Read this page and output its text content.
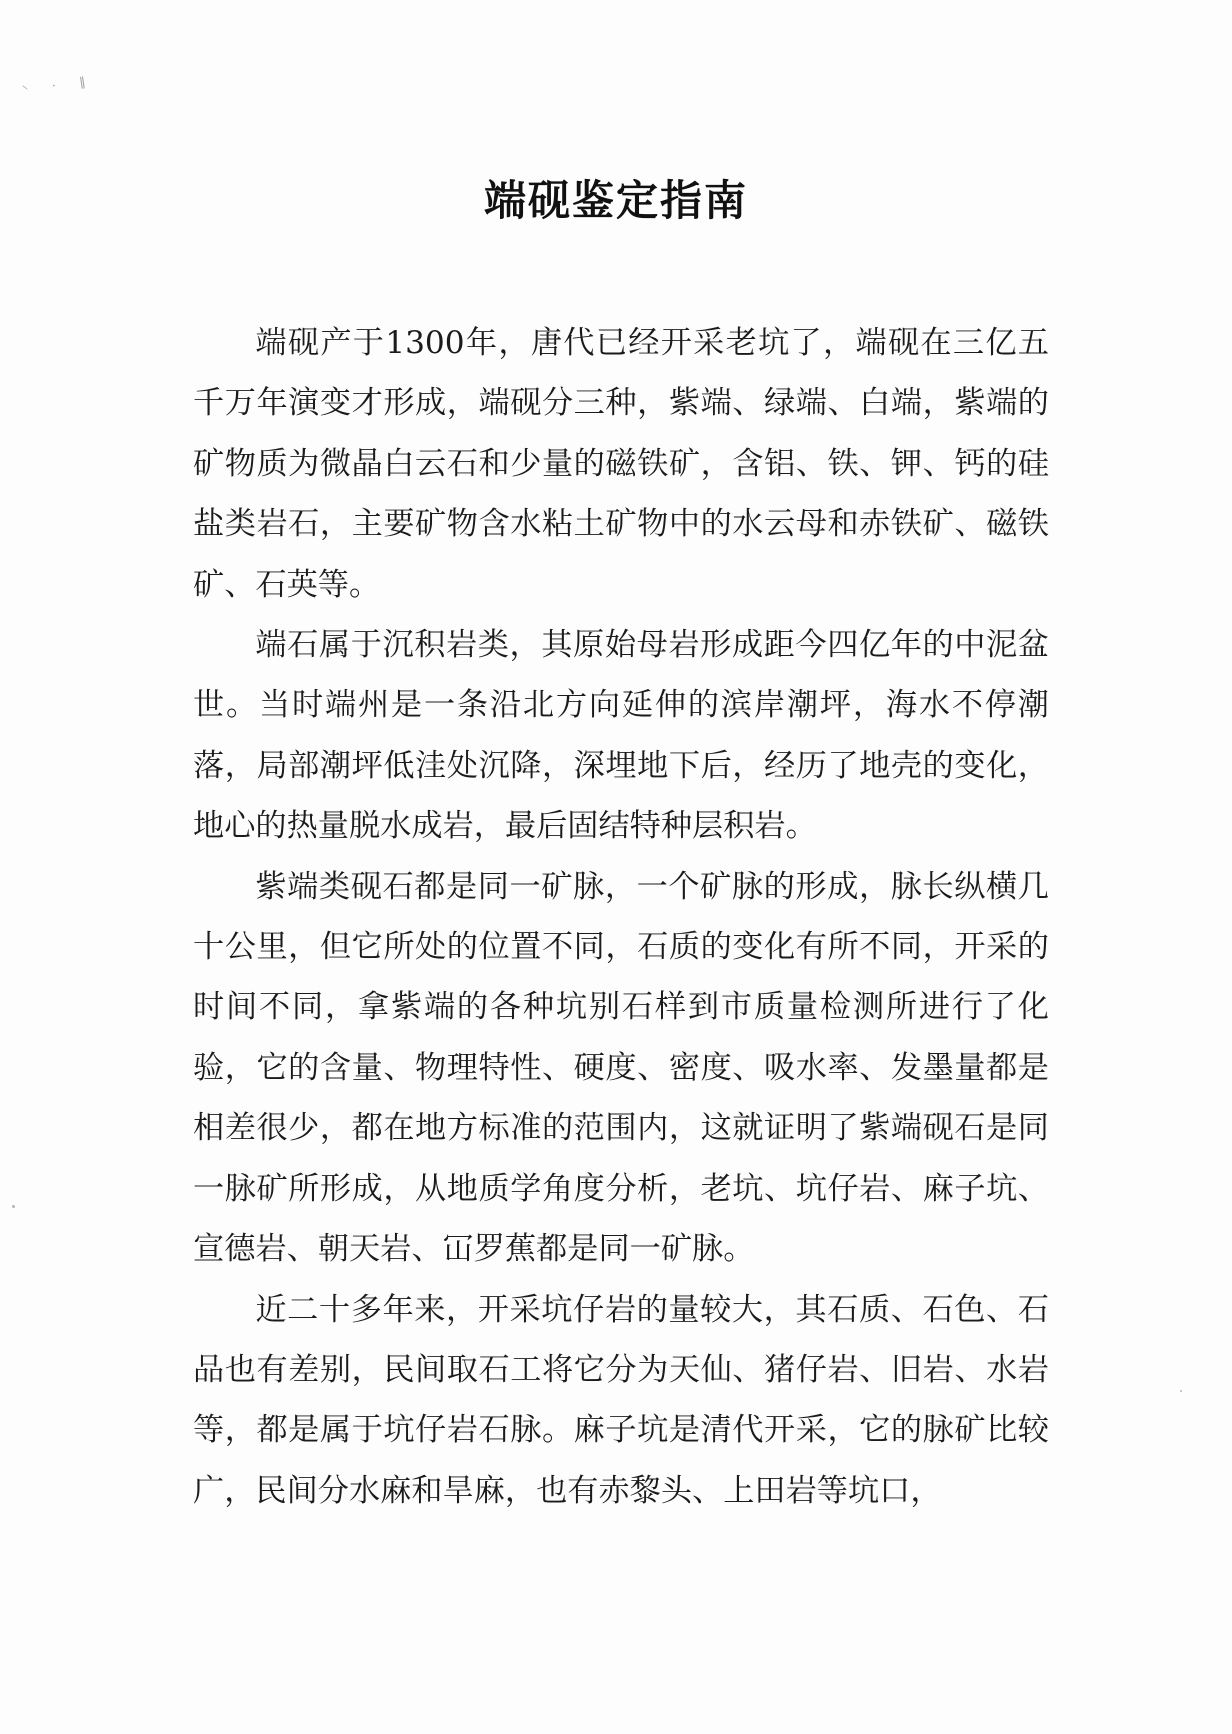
⸌ · ‖
端砚鉴定指南

端砚产于1300年，唐代已经开采老坑了，端砚在三亿五千万年演变才形成，端砚分三种，紫端、绿端、白端，紫端的矿物质为微晶白云石和少量的磁铁矿，含铝、铁、钾、钙的硅盐类岩石，主要矿物含水粘土矿物中的水云母和赤铁矿、磁铁矿、石英等。

端石属于沉积岩类，其原始母岩形成距今四亿年的中泥盆世。当时端州是一条沿北方向延伸的滨岸潮坪，海水不停潮落，局部潮坪低洼处沉降，深埋地下后，经历了地壳的变化，地心的热量脱水成岩，最后固结特种层积岩。

紫端类砚石都是同一矿脉，一个矿脉的形成，脉长纵横几十公里，但它所处的位置不同，石质的变化有所不同，开采的时间不同，拿紫端的各种坑别石样到市质量检测所进行了化验，它的含量、物理特性、硬度、密度、吸水率、发墨量都是相差很少，都在地方标准的范围内，这就证明了紫端砚石是同一脉矿所形成，从地质学角度分析，老坑、坑仔岩、麻子坑、宣德岩、朝天岩、冚罗蕉都是同一矿脉。

近二十多年来，开采坑仔岩的量较大，其石质、石色、石品也有差别，民间取石工将它分为天仙、猪仔岩、旧岩、水岩等，都是属于坑仔岩石脉。麻子坑是清代开采，它的脉矿比较广，民间分水麻和旱麻，也有赤黎头、上田岩等坑口，
